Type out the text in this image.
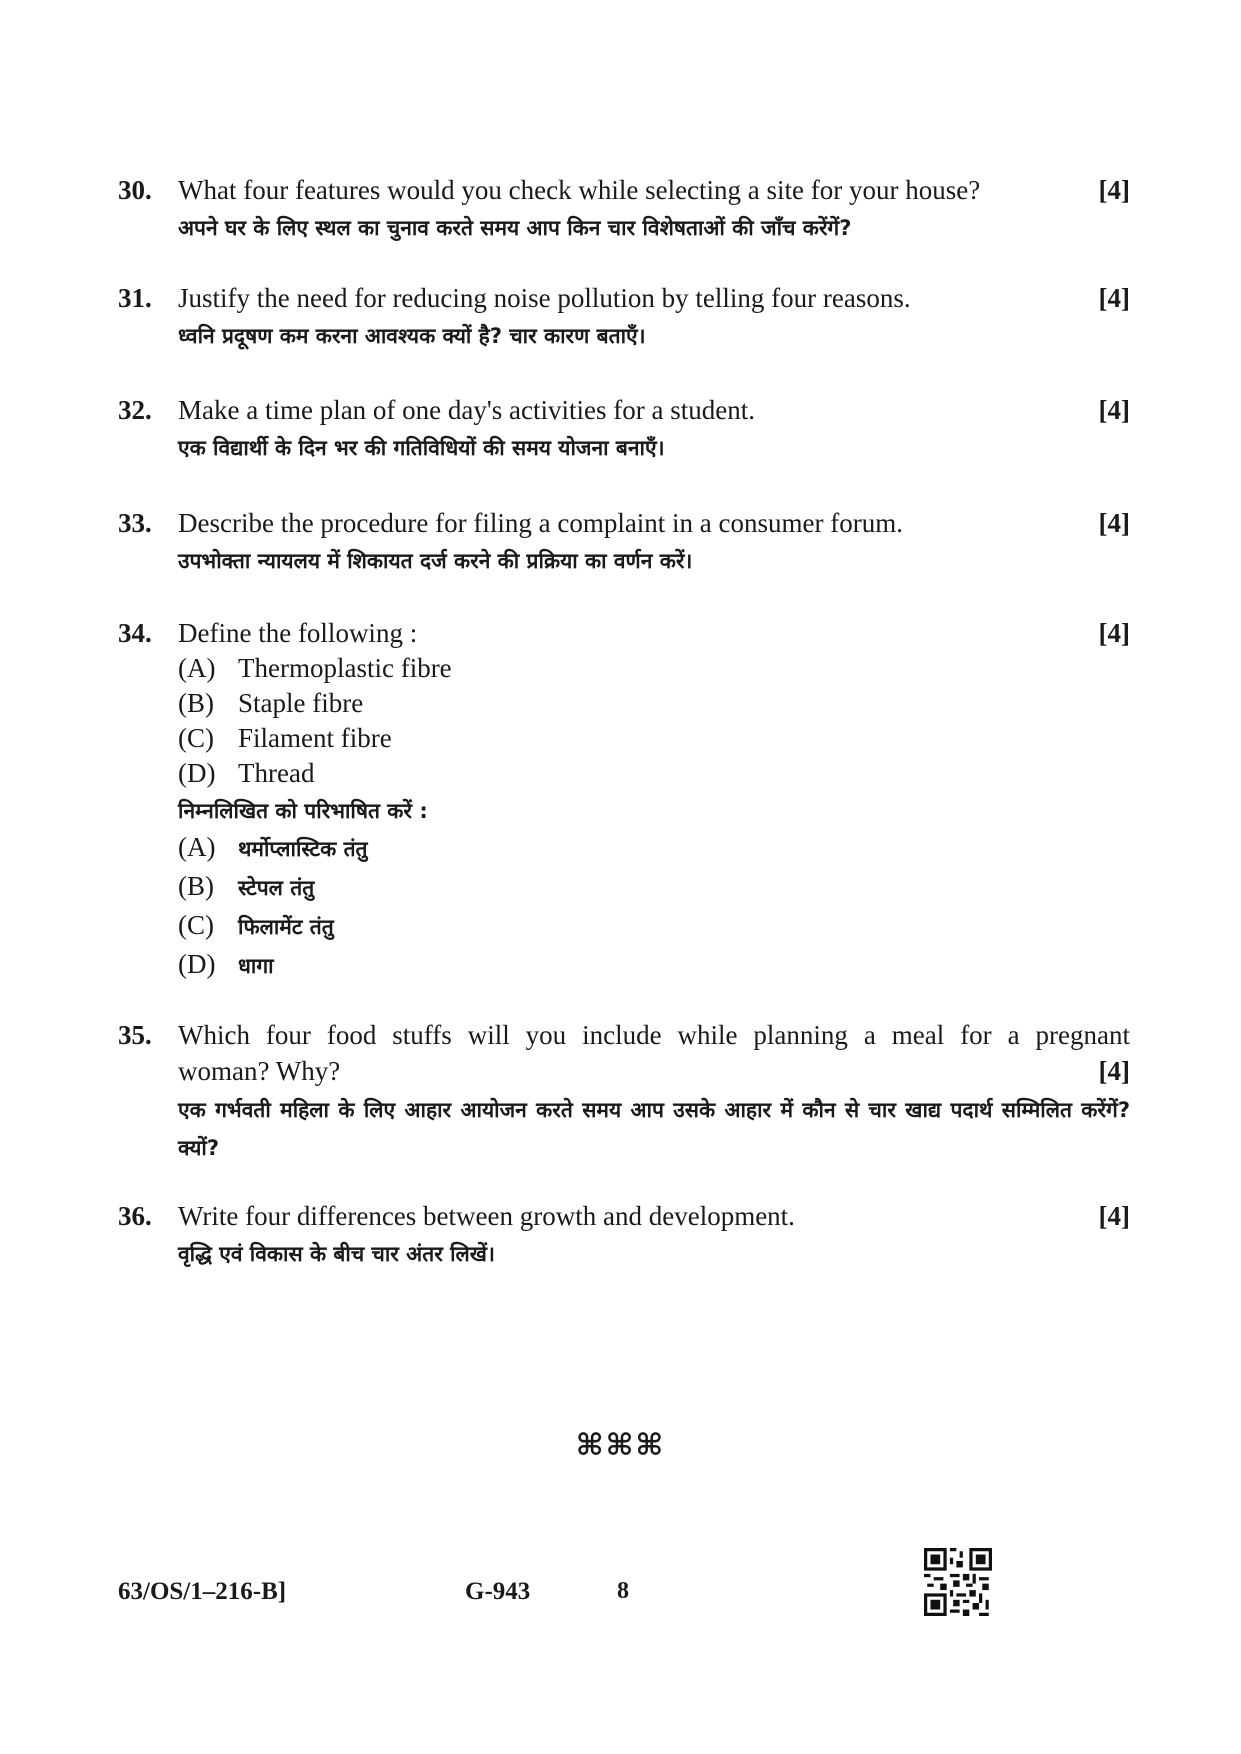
30. What four features would you check while selecting a site for your house?
अपने घर के लिए स्थल का चुनाव करते समय आप किन चार विशेषताओं की जाँच करेंगें?
[4]
31. Justify the need for reducing noise pollution by telling four reasons.
ध्वनि प्रदूषण कम करना आवश्यक क्यों है? चार कारण बताएँ।
[4]
32. Make a time plan of one day's activities for a student.
एक विद्यार्थी के दिन भर की गतिविधियों की समय योजना बनाएँ।
[4]
33. Describe the procedure for filing a complaint in a consumer forum.
उपभोक्ता न्यायलय में शिकायत दर्ज करने की प्रक्रिया का वर्णन करें।
[4]
34. Define the following :
(A) Thermoplastic fibre
(B) Staple fibre
(C) Filament fibre
(D) Thread
निम्नलिखित को परिभाषित करें :
(A) थर्मोप्लास्टिक तंतु
(B) स्टेपल तंतु
(C) फिलामेंट तंतु
(D) धागा
[4]
35. Which four food stuffs will you include while planning a meal for a pregnant
woman? Why?	[4]
एक गर्भवती महिला के लिए आहार आयोजन करते समय आप उसके आहार में कौन से चार खाद्य पदार्थ सम्मिलित करेंगें? क्यों?
36. Write four differences between growth and development.
वृद्धि एवं विकास के बीच चार अंतर लिखें।
[4]
⌘⌘⌘
63/OS/1–216-B]	G-943	8
